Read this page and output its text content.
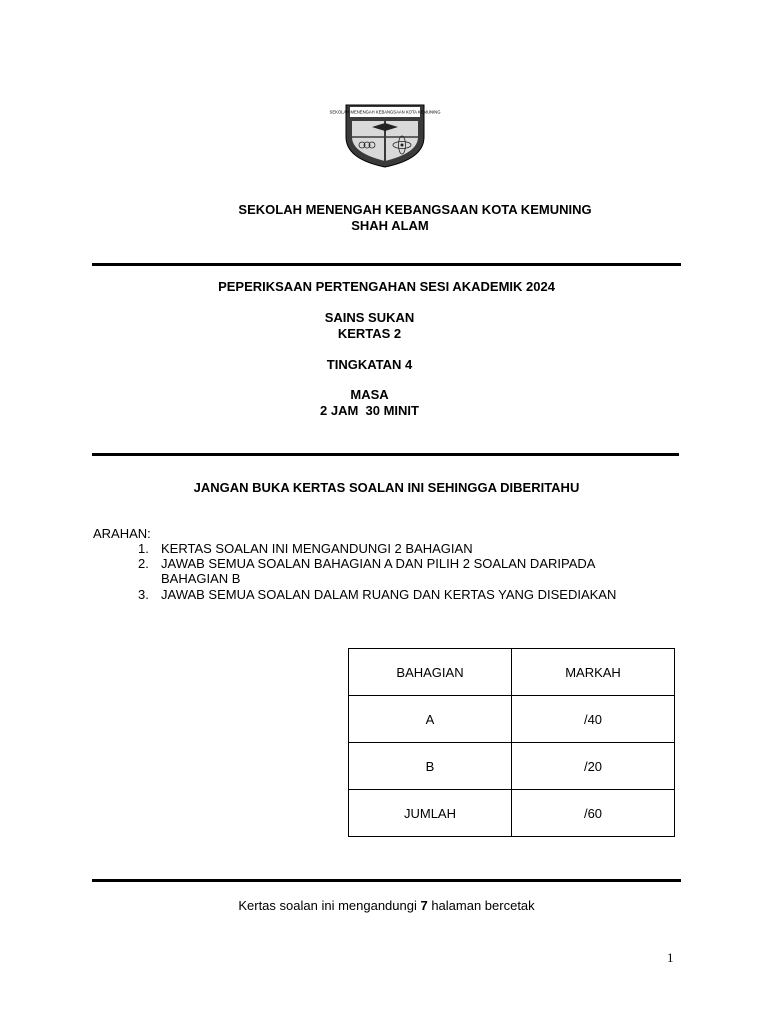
SEKOLAH MENENGAH KEBANGSAAN KOTA KEMUNING
SEKOLAH MENENGAH KEBANGSAAN KOTA KEMUNING
SHAH ALAM
PEPERIKSAAN PERTENGAHAN SESI AKADEMIK 2024
SAINS SUKAN
KERTAS 2
TINGKATAN 4
MASA
2 JAM  30 MINIT
JANGAN BUKA KERTAS SOALAN INI SEHINGGA DIBERITAHU
ARAHAN:
1. KERTAS SOALAN INI MENGANDUNGI 2 BAHAGIAN
2. JAWAB SEMUA SOALAN BAHAGIAN A DAN PILIH 2 SOALAN DARIPADA
BAHAGIAN B
3. JAWAB SEMUA SOALAN DALAM RUANG DAN KERTAS YANG DISEDIAKAN
BAHAGIAN	MARKAH
A	/40
B	/20
JUMLAH	/60
Kertas soalan ini mengandungi 7 halaman bercetak
1
